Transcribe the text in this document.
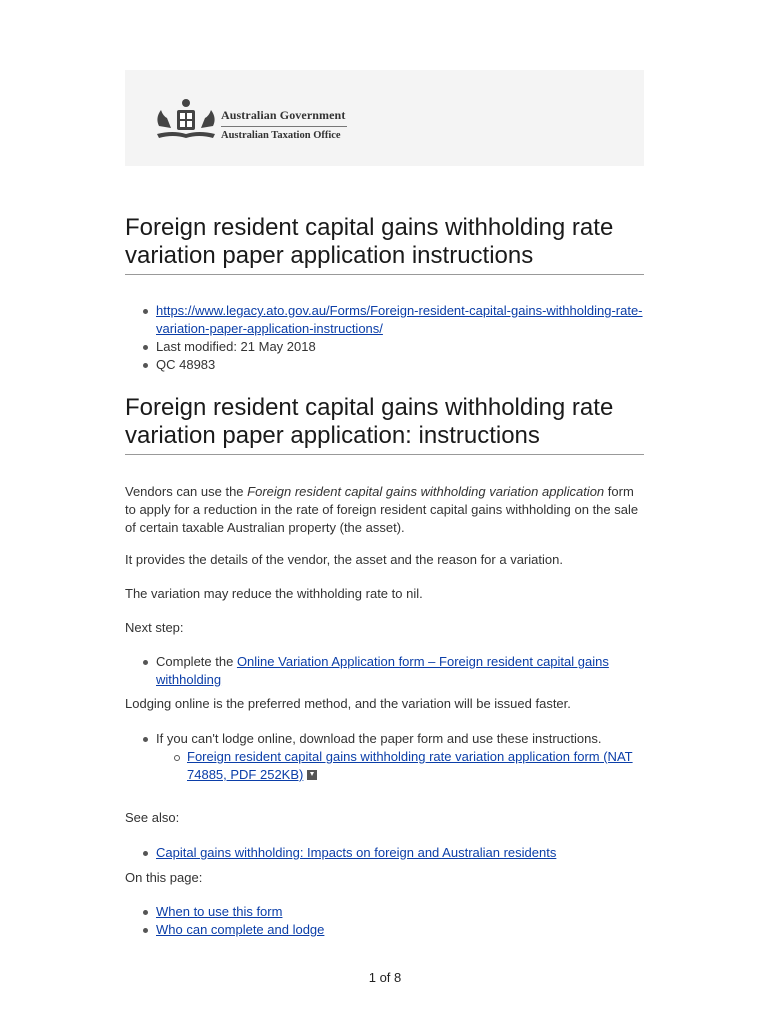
Australian Government
Australian Taxation Office
Foreign resident capital gains withholding rate variation paper application instructions
https://www.legacy.ato.gov.au/Forms/Foreign-resident-capital-gains-withholding-rate-variation-paper-application-instructions/
Last modified: 21 May 2018
QC 48983
Foreign resident capital gains withholding rate variation paper application: instructions

Vendors can use the Foreign resident capital gains withholding variation application form to apply for a reduction in the rate of foreign resident capital gains withholding on the sale of certain taxable Australian property (the asset).

It provides the details of the vendor, the asset and the reason for a variation.

The variation may reduce the withholding rate to nil.

Next step:

Complete the Online Variation Application form – Foreign resident capital gains withholding

Lodging online is the preferred method, and the variation will be issued faster.

If you can't lodge online, download the paper form and use these instructions.
Foreign resident capital gains withholding rate variation application form (NAT 74885, PDF 252KB)

See also:

Capital gains withholding: Impacts on foreign and Australian residents

On this page:

When to use this form
Who can complete and lodge
1 of 8
